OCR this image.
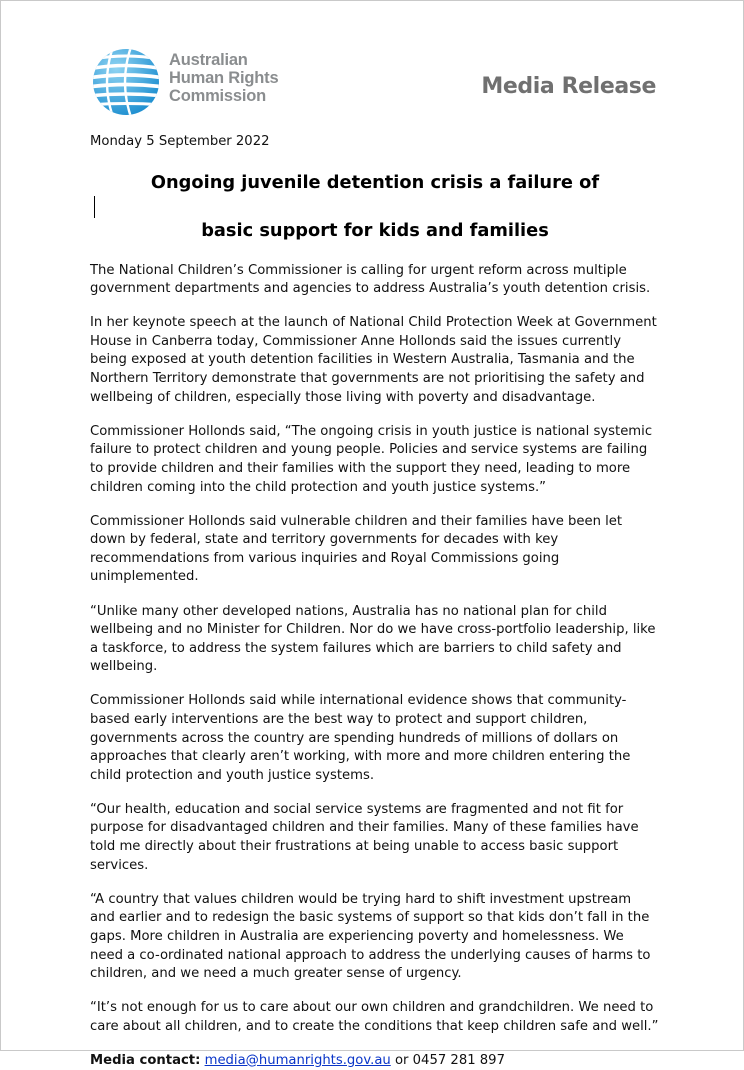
Australian
Human Rights
Commission	Media Release

Monday 5 September 2022

Ongoing juvenile detention crisis a failure of
basic support for kids and families

The National Children’s Commissioner is calling for urgent reform across multiple government departments and agencies to address Australia’s youth detention crisis.

In her keynote speech at the launch of National Child Protection Week at Government House in Canberra today, Commissioner Anne Hollonds said the issues currently being exposed at youth detention facilities in Western Australia, Tasmania and the Northern Territory demonstrate that governments are not prioritising the safety and wellbeing of children, especially those living with poverty and disadvantage.

Commissioner Hollonds said, “The ongoing crisis in youth justice is national systemic failure to protect children and young people. Policies and service systems are failing to provide children and their families with the support they need, leading to more children coming into the child protection and youth justice systems.”

Commissioner Hollonds said vulnerable children and their families have been let down by federal, state and territory governments for decades with key recommendations from various inquiries and Royal Commissions going unimplemented.

“Unlike many other developed nations, Australia has no national plan for child wellbeing and no Minister for Children. Nor do we have cross-portfolio leadership, like a taskforce, to address the system failures which are barriers to child safety and wellbeing.

Commissioner Hollonds said while international evidence shows that community-based early interventions are the best way to protect and support children, governments across the country are spending hundreds of millions of dollars on approaches that clearly aren’t working, with more and more children entering the child protection and youth justice systems.

“Our health, education and social service systems are fragmented and not fit for purpose for disadvantaged children and their families. Many of these families have told me directly about their frustrations at being unable to access basic support services.

“A country that values children would be trying hard to shift investment upstream and earlier and to redesign the basic systems of support so that kids don’t fall in the gaps. More children in Australia are experiencing poverty and homelessness. We need a co-ordinated national approach to address the underlying causes of harms to children, and we need a much greater sense of urgency.

“It’s not enough for us to care about our own children and grandchildren. We need to care about all children, and to create the conditions that keep children safe and well.”

Media contact: media@humanrights.gov.au or 0457 281 897
